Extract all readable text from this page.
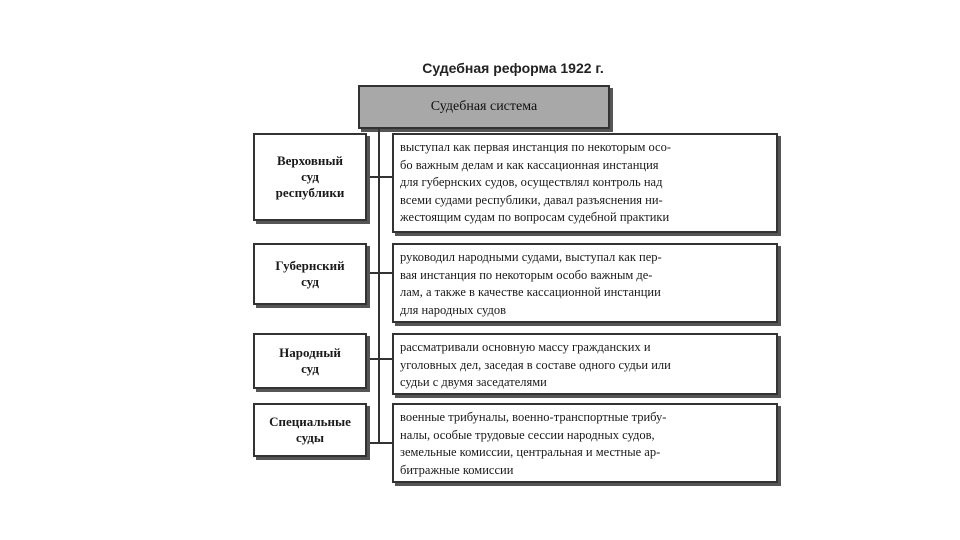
Судебная реформа 1922 г.
Судебная система
Верховный
суд
республики
выступал как первая инстанция по некоторым осо-
бо важным делам и как кассационная инстанция
для губернских судов, осуществлял контроль над
всеми судами республики, давал разъяснения ни-
жестоящим судам по вопросам судебной практики
Губернский
суд
руководил народными судами, выступал как пер-
вая инстанция по некоторым особо важным де-
лам, а также в качестве кассационной инстанции
для народных судов
Народный
суд
рассматривали основную массу гражданских и
уголовных дел, заседая в составе одного судьи или
судьи с двумя заседателями
Специальные
суды
военные трибуналы, военно-транспортные трибу-
налы, особые трудовые сессии народных судов,
земельные комиссии, центральная и местные ар-
битражные комиссии
